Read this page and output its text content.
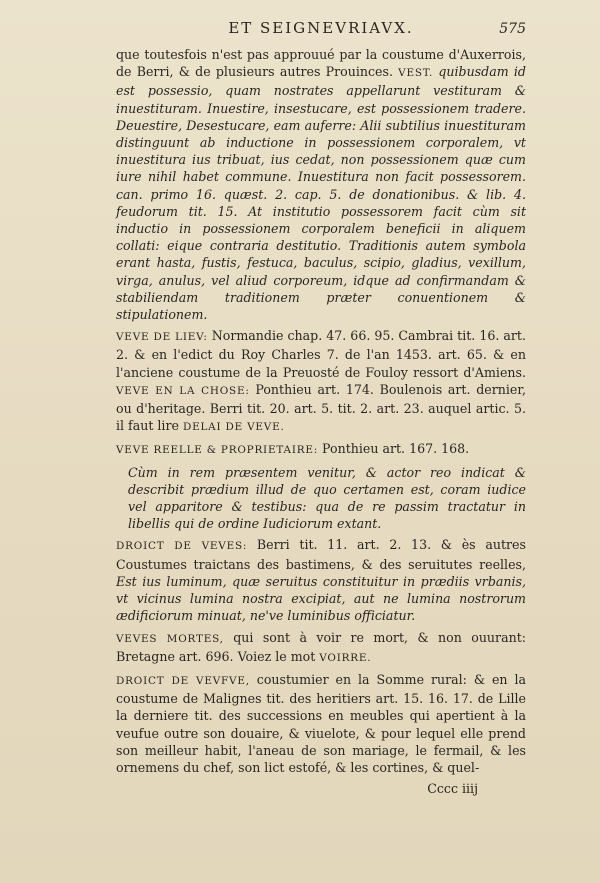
ET SEIGNEVRIAVX.	575

que toutesfois n'est pas approuué par la coustume d'Auxerrois, de Berri, & de plusieurs autres Prouinces. VEST. quibusdam id est possessio, quam nostrates appellarunt vestituram & inuestituram. Inuestire, insestucare, est possessionem tradere. Deuestire, Desestucare, eam auferre: Alii subtilius inuestituram distinguunt ab inductione in possessionem corporalem, vt inuestitura ius tribuat, ius cedat, non possessionem quæ cum iure nihil habet commune. Inuestitura non facit possessorem. can. primo 16. quæst. 2. cap. 5. de donationibus. & lib. 4. feudorum tit. 15. At institutio possessorem facit cùm sit inductio in possessionem corporalem beneficii in aliquem collati: eique contraria destitutio. Traditionis autem symbola erant hasta, fustis, festuca, baculus, scipio, gladius, vexillum, virga, anulus, vel aliud corporeum, idque ad confirmandam & stabiliendam traditionem præter conuentionem & stipulationem.

VEVE DE LIEV: Normandie chap. 47. 66. 95. Cambrai tit. 16. art. 2. & en l'edict du Roy Charles 7. de l'an 1453. art. 65. & en l'anciene coustume de la Preuosté de Fouloy ressort d'Amiens. VEVE EN LA CHOSE: Ponthieu art. 174. Boulenois art. dernier, ou d'heritage. Berri tit. 20. art. 5. tit. 2. art. 23. auquel artic. 5. il faut lire DELAI DE VEVE.

VEVE REELLE & PROPRIETAIRE: Ponthieu art. 167. 168.

Cùm in rem præsentem venitur, & actor reo indicat & describit prædium illud de quo certamen est, coram iudice vel apparitore & testibus: qua de re passim tractatur in libellis qui de ordine Iudiciorum extant.

DROICT DE VEVES: Berri tit. 11. art. 2. 13. & ès autres Coustumes traictans des bastimens, & des seruitutes reelles, Est ius luminum, quæ seruitus constituitur in prædiis vrbanis, vt vicinus lumina nostra excipiat, aut ne lumina nostrorum ædificiorum minuat, ne've luminibus officiatur.

VEVES MORTES, qui sont à voir re mort, & non ouurant: Bretagne art. 696. Voiez le mot VOIRRE.

DROICT DE VEVFVE, coustumier en la Somme rural: & en la coustume de Malignes tit. des heritiers art. 15. 16. 17. de Lille la derniere tit. des successions en meubles qui apertient à la veufue outre son douaire, & viuelote, & pour lequel elle prend son meilleur habit, l'aneau de son mariage, le fermail, & les ornemens du chef, son lict estofé, & les cortines, & quel-

Cccc iiij
